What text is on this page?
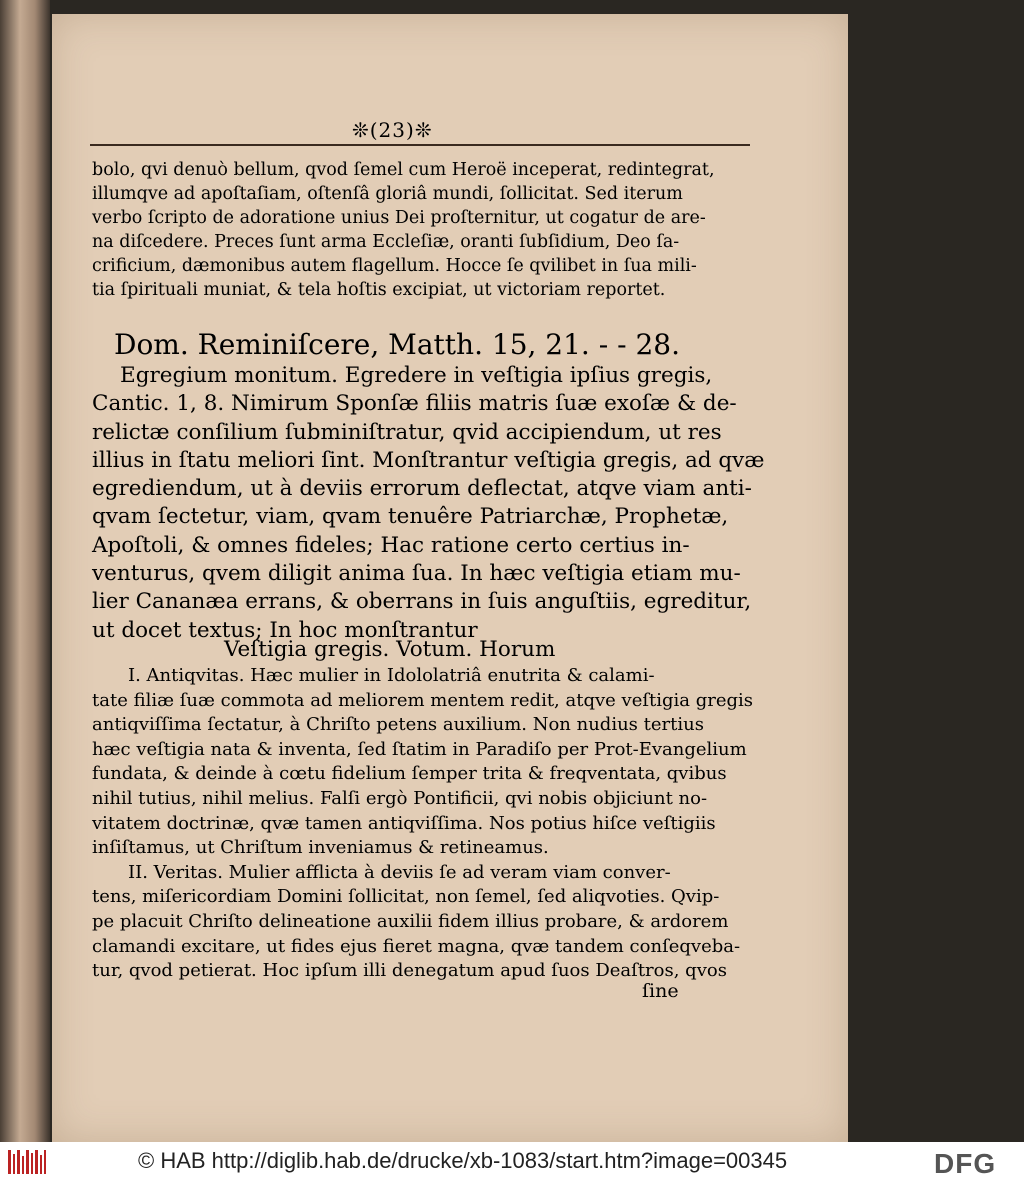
❊(23)❊
bolo, qvi denuò bellum, qvod ſemel cum Heroë inceperat, redintegrat,
illumqve ad apoſtaſiam, oſtenſâ gloriâ mundi, ſollicitat. Sed iterum
verbo ſcripto de adoratione unius Dei proſternitur, ut cogatur de are-
na diſcedere. Preces ſunt arma Eccleſiæ, oranti ſubſidium, Deo ſa-
crificium, dæmonibus autem flagellum. Hocce ſe qvilibet in ſua mili-
tia ſpirituali muniat, & tela hoſtis excipiat, ut victoriam reportet.
Dom. Reminiſcere, Matth. 15, 21. - - 28.
Egregium monitum. Egredere in veſtigia ipſius gregis,
Cantic. 1, 8. Nimirum Sponſæ filiis matris ſuæ exoſæ & de-
relictæ conſilium ſubminiſtratur, qvid accipiendum, ut res
illius in ſtatu meliori ſint. Monſtrantur veſtigia gregis, ad qvæ
egrediendum, ut à deviis errorum deflectat, atqve viam anti-
qvam ſectetur, viam, qvam tenuêre Patriarchæ, Prophetæ,
Apoſtoli, & omnes fideles; Hac ratione certo certius in-
venturus, qvem diligit anima ſua. In hæc veſtigia etiam mu-
lier Cananæa errans, & oberrans in ſuis anguſtiis, egreditur,
ut docet textus; In hoc monſtrantur
Veſtigia gregis. Votum. Horum
I. Antiqvitas. Hæc mulier in Idololatriâ enutrita & calami-
tate filiæ ſuæ commota ad meliorem mentem redit, atqve veſtigia gregis
antiqviſſima ſectatur, à Chriſto petens auxilium. Non nudius tertius
hæc veſtigia nata & inventa, ſed ſtatim in Paradiſo per Prot-Evangelium
fundata, & deinde à cœtu fidelium ſemper trita & freqventata, qvibus
nihil tutius, nihil melius. Falſi ergò Pontificii, qvi nobis objiciunt no-
vitatem doctrinæ, qvæ tamen antiqviſſima. Nos potius hiſce veſtigiis
inſiſtamus, ut Chriſtum inveniamus & retineamus.
II. Veritas. Mulier afflicta à deviis ſe ad veram viam conver-
tens, miſericordiam Domini ſollicitat, non ſemel, ſed aliqvoties. Qvip-
pe placuit Chriſto delineatione auxilii fidem illius probare, & ardorem
clamandi excitare, ut fides ejus fieret magna, qvæ tandem conſeqveba-
tur, qvod petierat. Hoc ipſum illi denegatum apud ſuos Deaſtros, qvos
ſine
© HAB http://diglib.hab.de/drucke/xb-1083/start.htm?image=00345	DFG
